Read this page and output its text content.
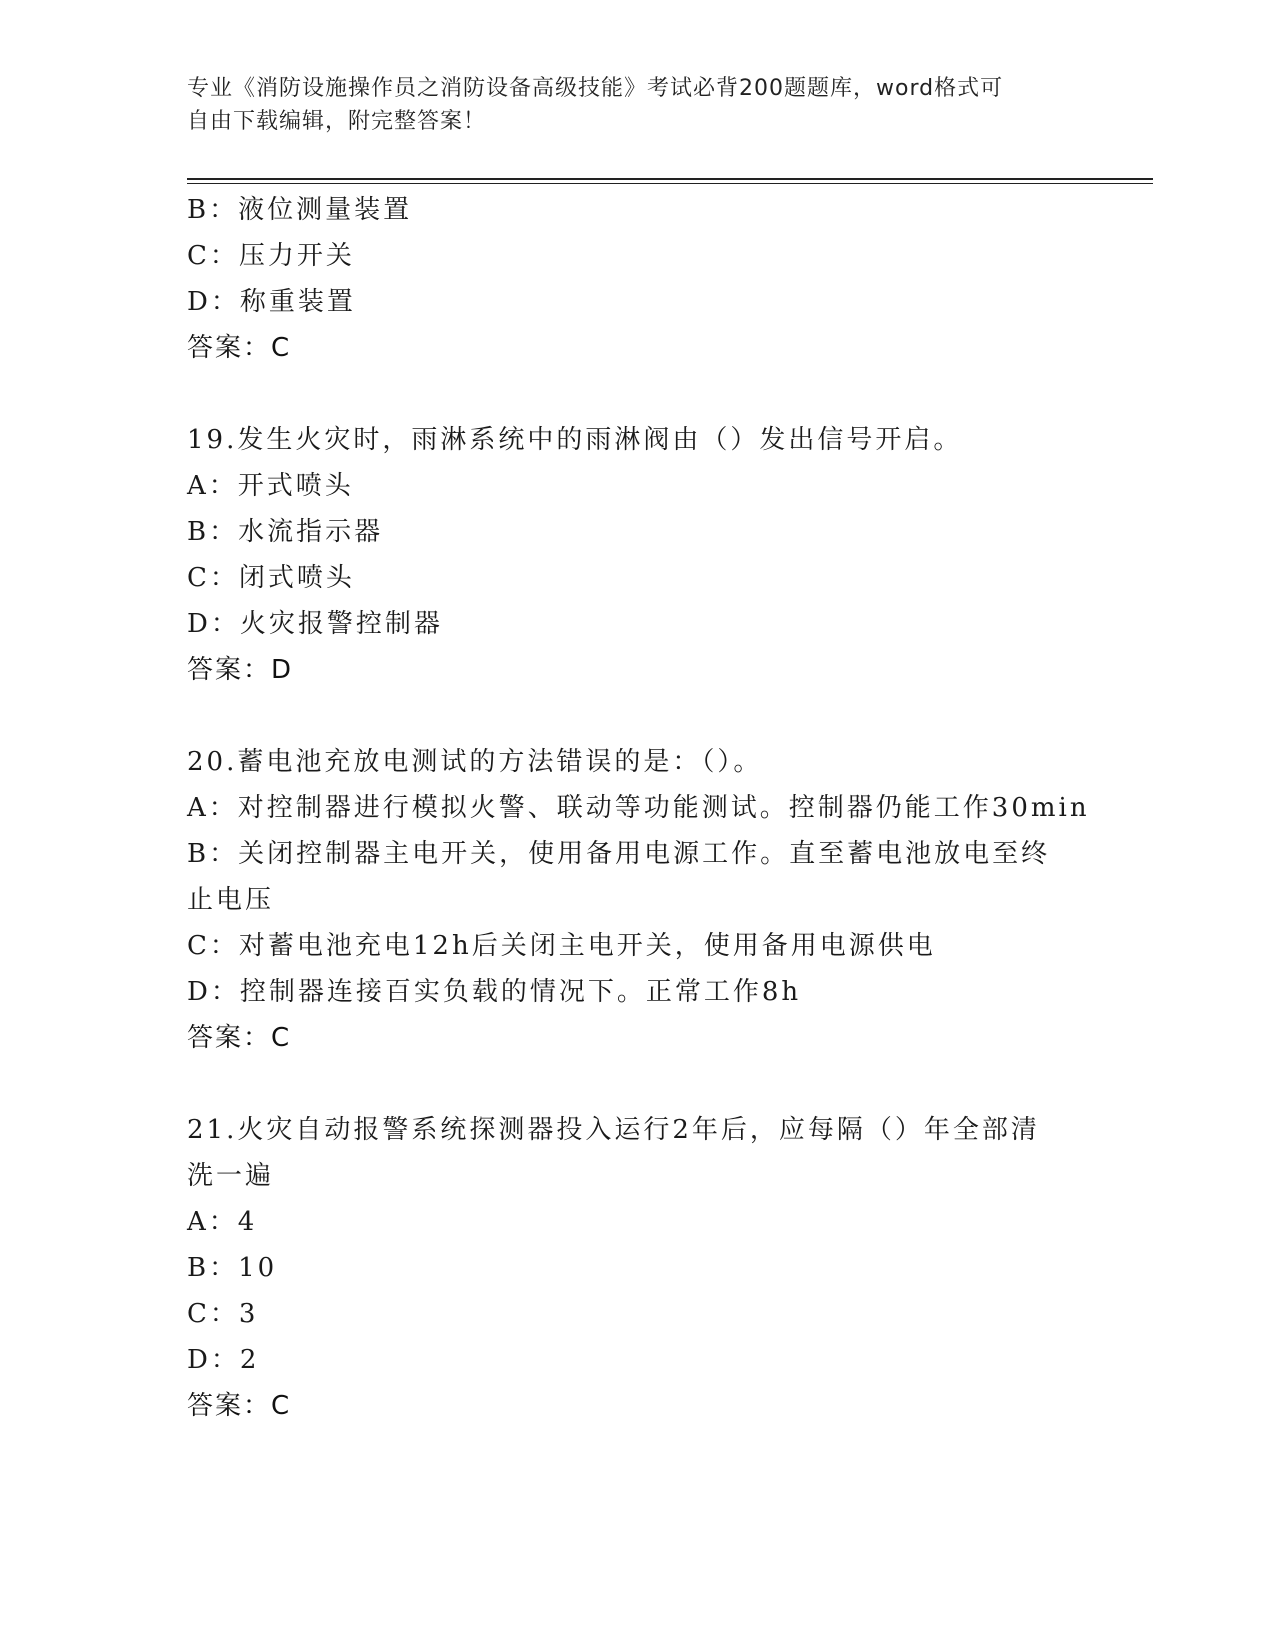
专业《消防设施操作员之消防设备高级技能》考试必背200题题库，word格式可
自由下载编辑，附完整答案！
B：液位测量装置
C：压力开关
D：称重装置
答案：C
19.发生火灾时，雨淋系统中的雨淋阀由（）发出信号开启。
A：开式喷头
B：水流指示器
C：闭式喷头
D：火灾报警控制器
答案：D
20.蓄电池充放电测试的方法错误的是：（）。
A：对控制器进行模拟火警、联动等功能测试。控制器仍能工作30min
B：关闭控制器主电开关，使用备用电源工作。直至蓄电池放电至终止电压
C：对蓄电池充电12h后关闭主电开关，使用备用电源供电
D：控制器连接百实负载的情况下。正常工作8h
答案：C
21.火灾自动报警系统探测器投入运行2年后，应每隔（）年全部清洗一遍
A：4
B：10
C：3
D：2
答案：C
